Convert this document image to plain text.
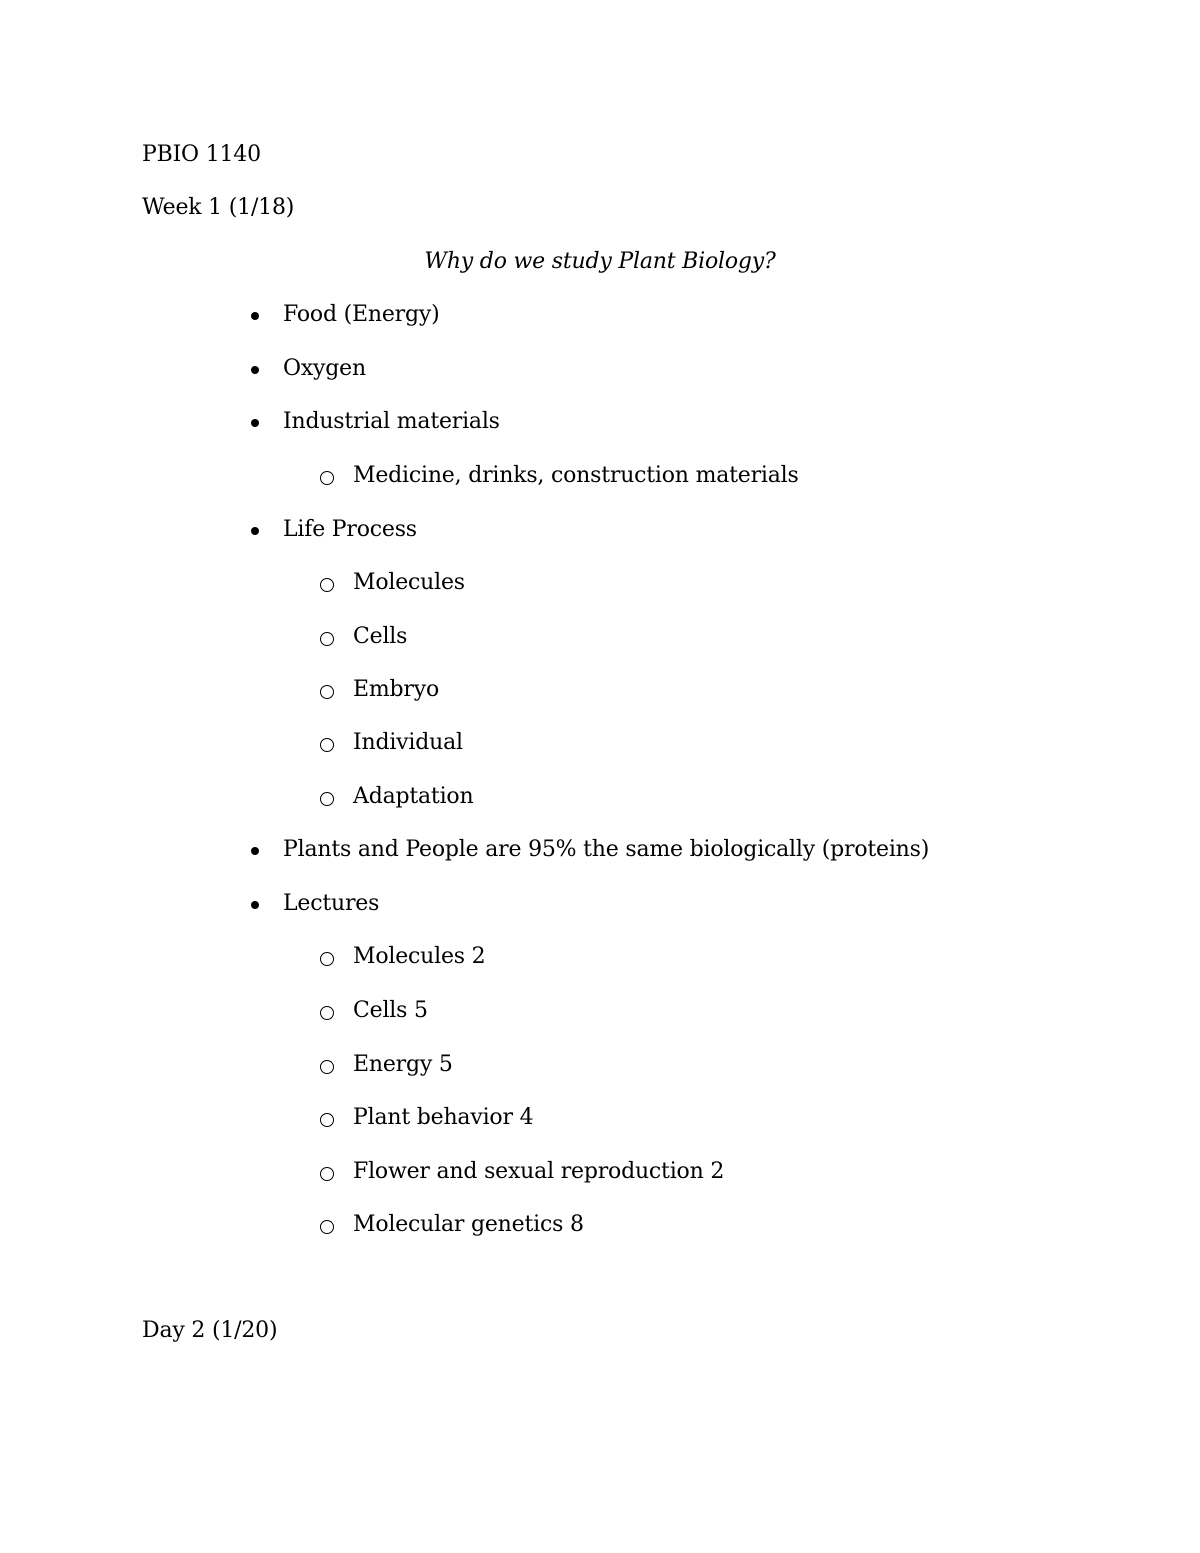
PBIO 1140
Week 1 (1/18)
Why do we study Plant Biology?
Food (Energy)
Oxygen
Industrial materials
Medicine, drinks, construction materials
Life Process
Molecules
Cells
Embryo
Individual
Adaptation
Plants and People are 95% the same biologically (proteins)
Lectures
Molecules 2
Cells 5
Energy 5
Plant behavior 4
Flower and sexual reproduction 2
Molecular genetics 8
Day 2 (1/20)
